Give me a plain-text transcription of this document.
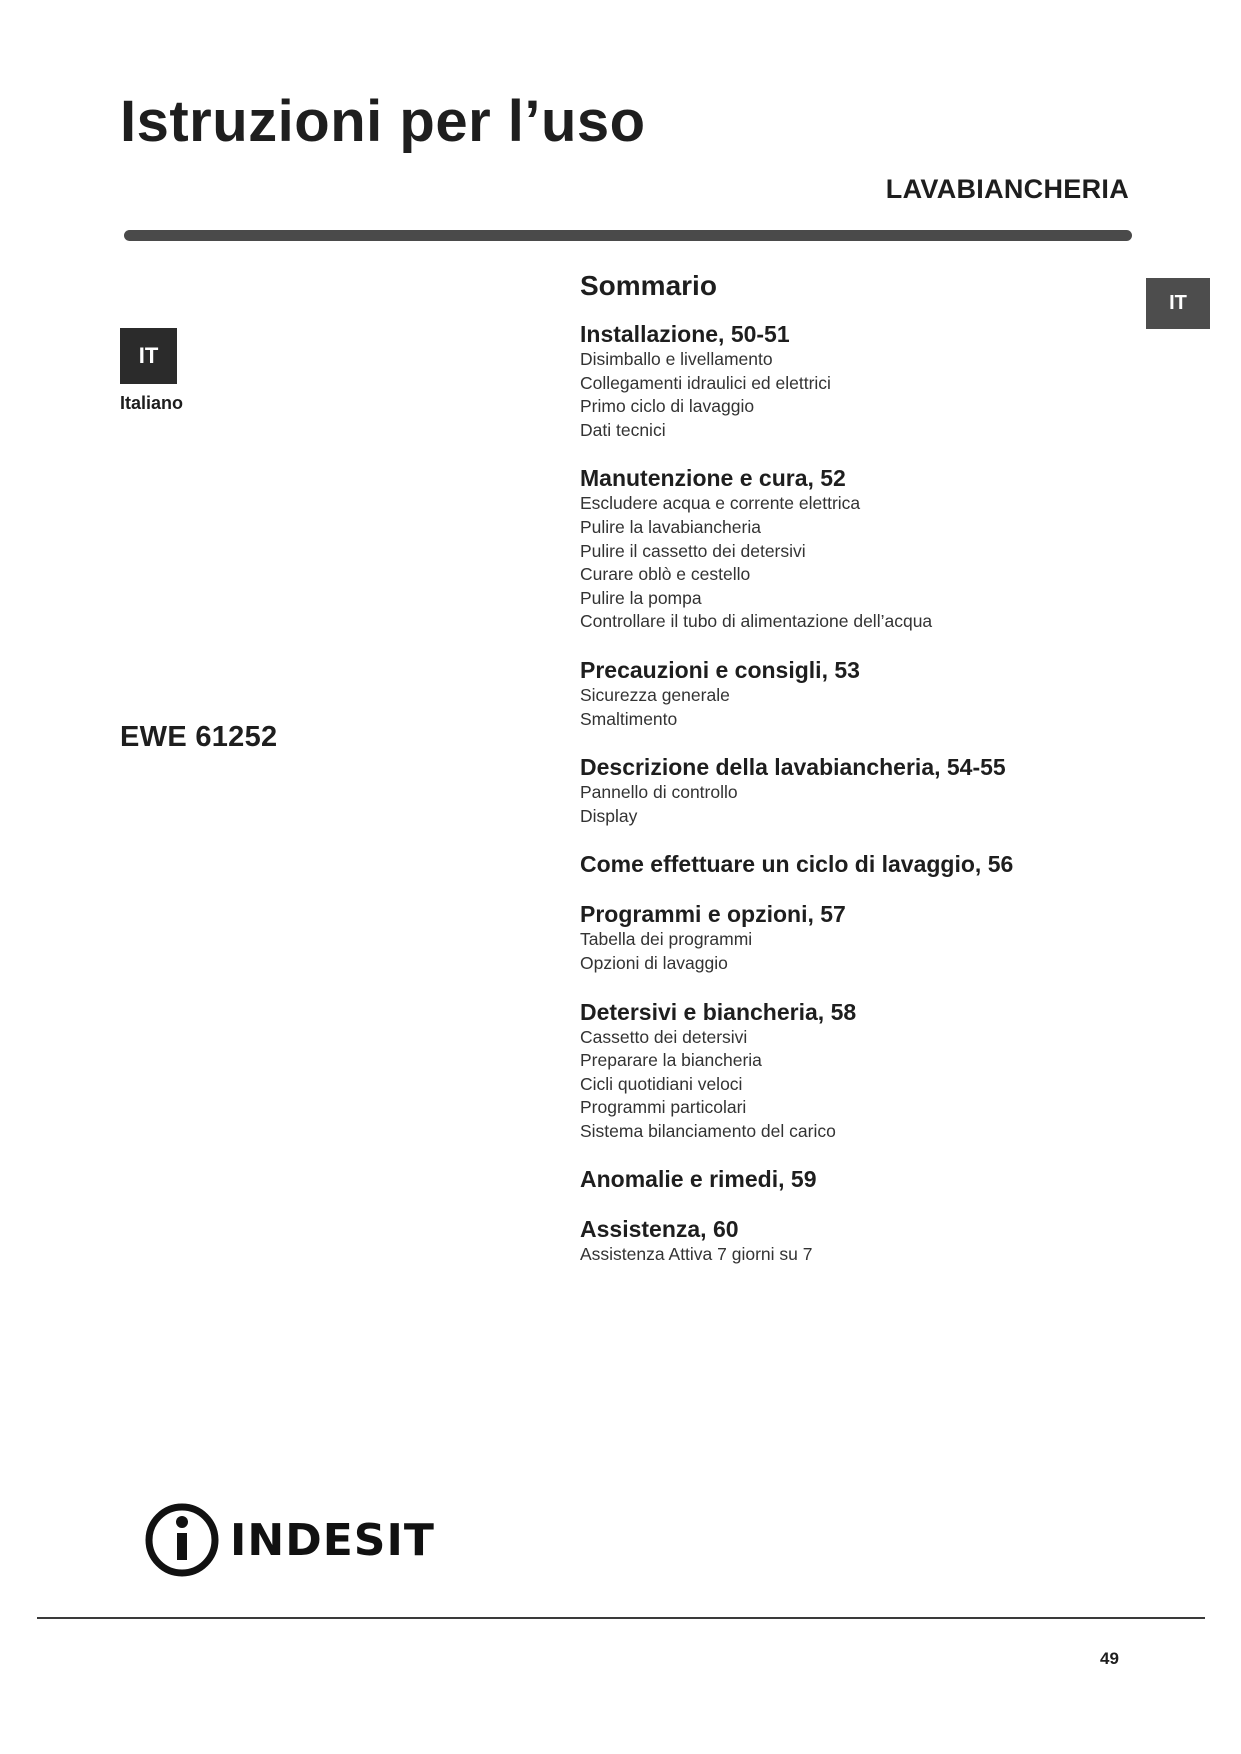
Istruzioni per l’uso
LAVABIANCHERIA
IT
IT
Italiano
EWE 61252
Sommario
Installazione, 50-51
Disimballo e livellamento
Collegamenti idraulici ed elettrici
Primo ciclo di lavaggio
Dati tecnici
Manutenzione e cura, 52
Escludere acqua e corrente elettrica
Pulire la lavabiancheria
Pulire il cassetto dei detersivi
Curare oblò e cestello
Pulire la pompa
Controllare il tubo di alimentazione dell’acqua
Precauzioni e consigli, 53
Sicurezza generale
Smaltimento
Descrizione della lavabiancheria, 54-55
Pannello di controllo
Display
Come effettuare un ciclo di lavaggio, 56
Programmi e opzioni, 57
Tabella dei programmi
Opzioni di lavaggio
Detersivi e biancheria, 58
Cassetto dei detersivi
Preparare la biancheria
Cicli quotidiani veloci
Programmi particolari
Sistema bilanciamento del carico
Anomalie e rimedi, 59
Assistenza, 60
Assistenza Attiva 7 giorni su 7
INDESIT
49
